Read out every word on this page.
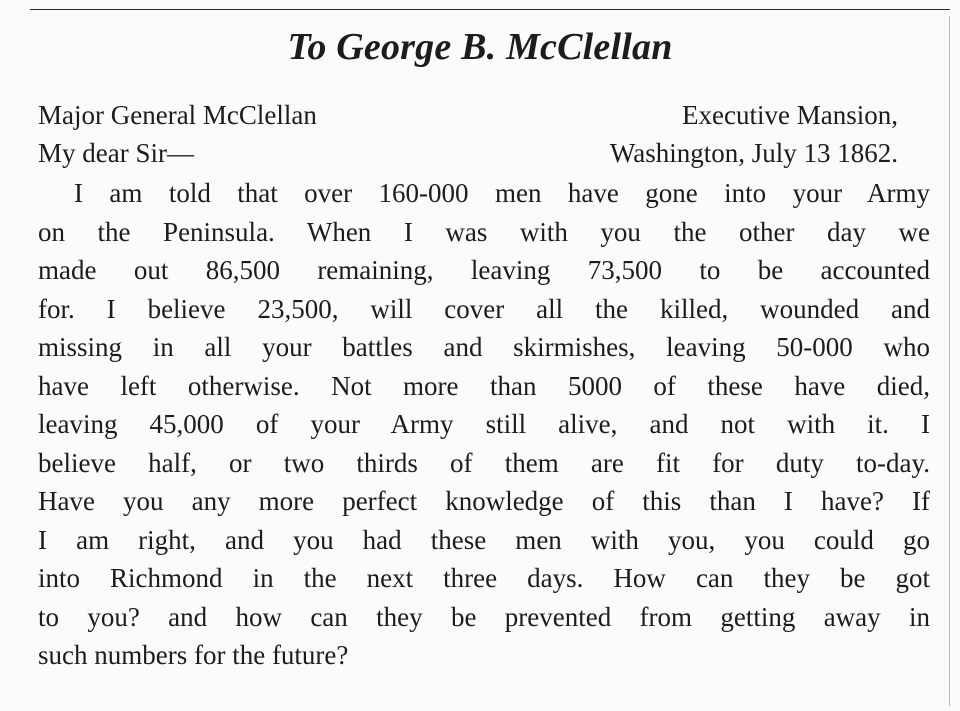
To George B. McClellan
Major General McClellan	Executive Mansion,
My dear Sir—	Washington, July 13 1862.
I am told that over 160-000 men have gone into your Army
on the Peninsula. When I was with you the other day we
made out 86,500 remaining, leaving 73,500 to be accounted
for. I believe 23,500, will cover all the killed, wounded and
missing in all your battles and skirmishes, leaving 50-000 who
have left otherwise. Not more than 5000 of these have died,
leaving 45,000 of your Army still alive, and not with it. I
believe half, or two thirds of them are fit for duty to-day.
Have you any more perfect knowledge of this than I have? If
I am right, and you had these men with you, you could go
into Richmond in the next three days. How can they be got
to you? and how can they be prevented from getting away in
such numbers for the future?
